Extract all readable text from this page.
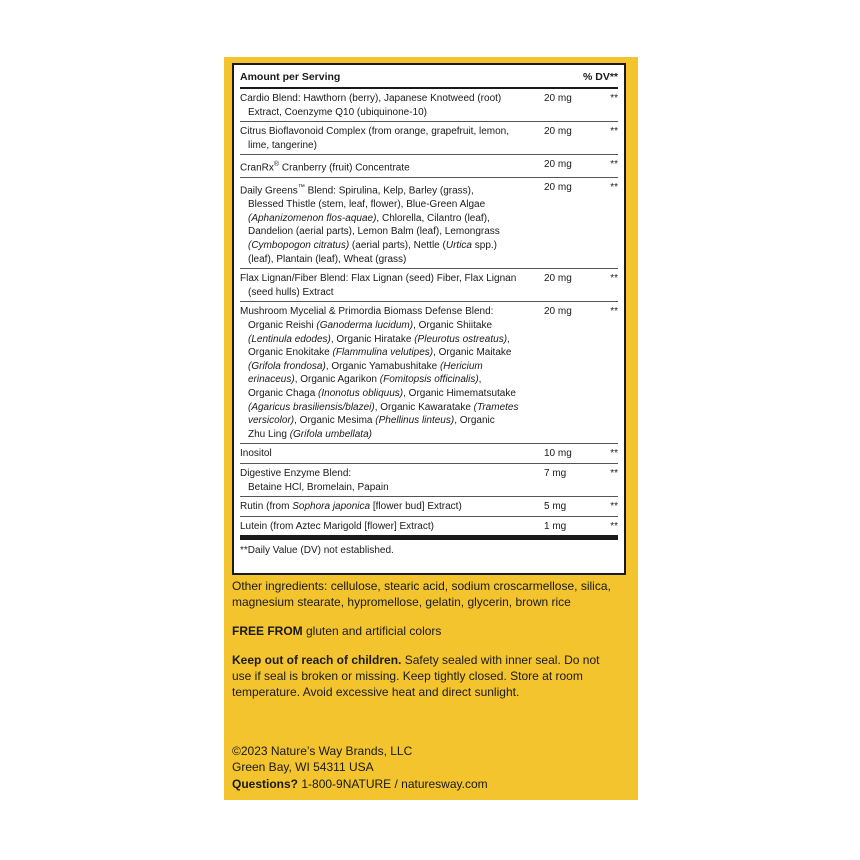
Amount per Serving	% DV**
Cardio Blend: Hawthorn (berry), Japanese Knotweed (root)
Extract, Coenzyme Q10 (ubiquinone-10)
20 mg	**
Citrus Bioflavonoid Complex (from orange, grapefruit, lemon,
lime, tangerine)
20 mg	**
CranRx® Cranberry (fruit) Concentrate	20 mg	**
Daily Greens™ Blend: Spirulina, Kelp, Barley (grass),
Blessed Thistle (stem, leaf, flower), Blue-Green Algae
(Aphanizomenon flos-aquae), Chlorella, Cilantro (leaf),
Dandelion (aerial parts), Lemon Balm (leaf), Lemongrass
(Cymbopogon citratus) (aerial parts), Nettle (Urtica spp.)
(leaf), Plantain (leaf), Wheat (grass)
20 mg	**
Flax Lignan/Fiber Blend: Flax Lignan (seed) Fiber, Flax Lignan
(seed hulls) Extract
20 mg	**
Mushroom Mycelial & Primordia Biomass Defense Blend:
Organic Reishi (Ganoderma lucidum), Organic Shiitake
(Lentinula edodes), Organic Hiratake (Pleurotus ostreatus),
Organic Enokitake (Flammulina velutipes), Organic Maitake
(Grifola frondosa), Organic Yamabushitake (Hericium
erinaceus), Organic Agarikon (Fomitopsis officinalis),
Organic Chaga (Inonotus obliquus), Organic Himematsutake
(Agaricus brasiliensis/blazei), Organic Kawaratake (Trametes
versicolor), Organic Mesima (Phellinus linteus), Organic
Zhu Ling (Grifola umbellata)
20 mg	**
Inositol	10 mg	**
Digestive Enzyme Blend:
Betaine HCl, Bromelain, Papain
7 mg	**
Rutin (from Sophora japonica [flower bud] Extract)	5 mg	**
Lutein (from Aztec Marigold [flower] Extract)	1 mg	**
**Daily Value (DV) not established.
Other ingredients: cellulose, stearic acid, sodium croscarmellose, silica,
magnesium stearate, hypromellose, gelatin, glycerin, brown rice
FREE FROM gluten and artificial colors
Keep out of reach of children. Safety sealed with inner seal. Do not
use if seal is broken or missing. Keep tightly closed. Store at room
temperature. Avoid excessive heat and direct sunlight.
©2023 Nature’s Way Brands, LLC
Green Bay, WI 54311 USA
Questions? 1-800-9NATURE / naturesway.com
